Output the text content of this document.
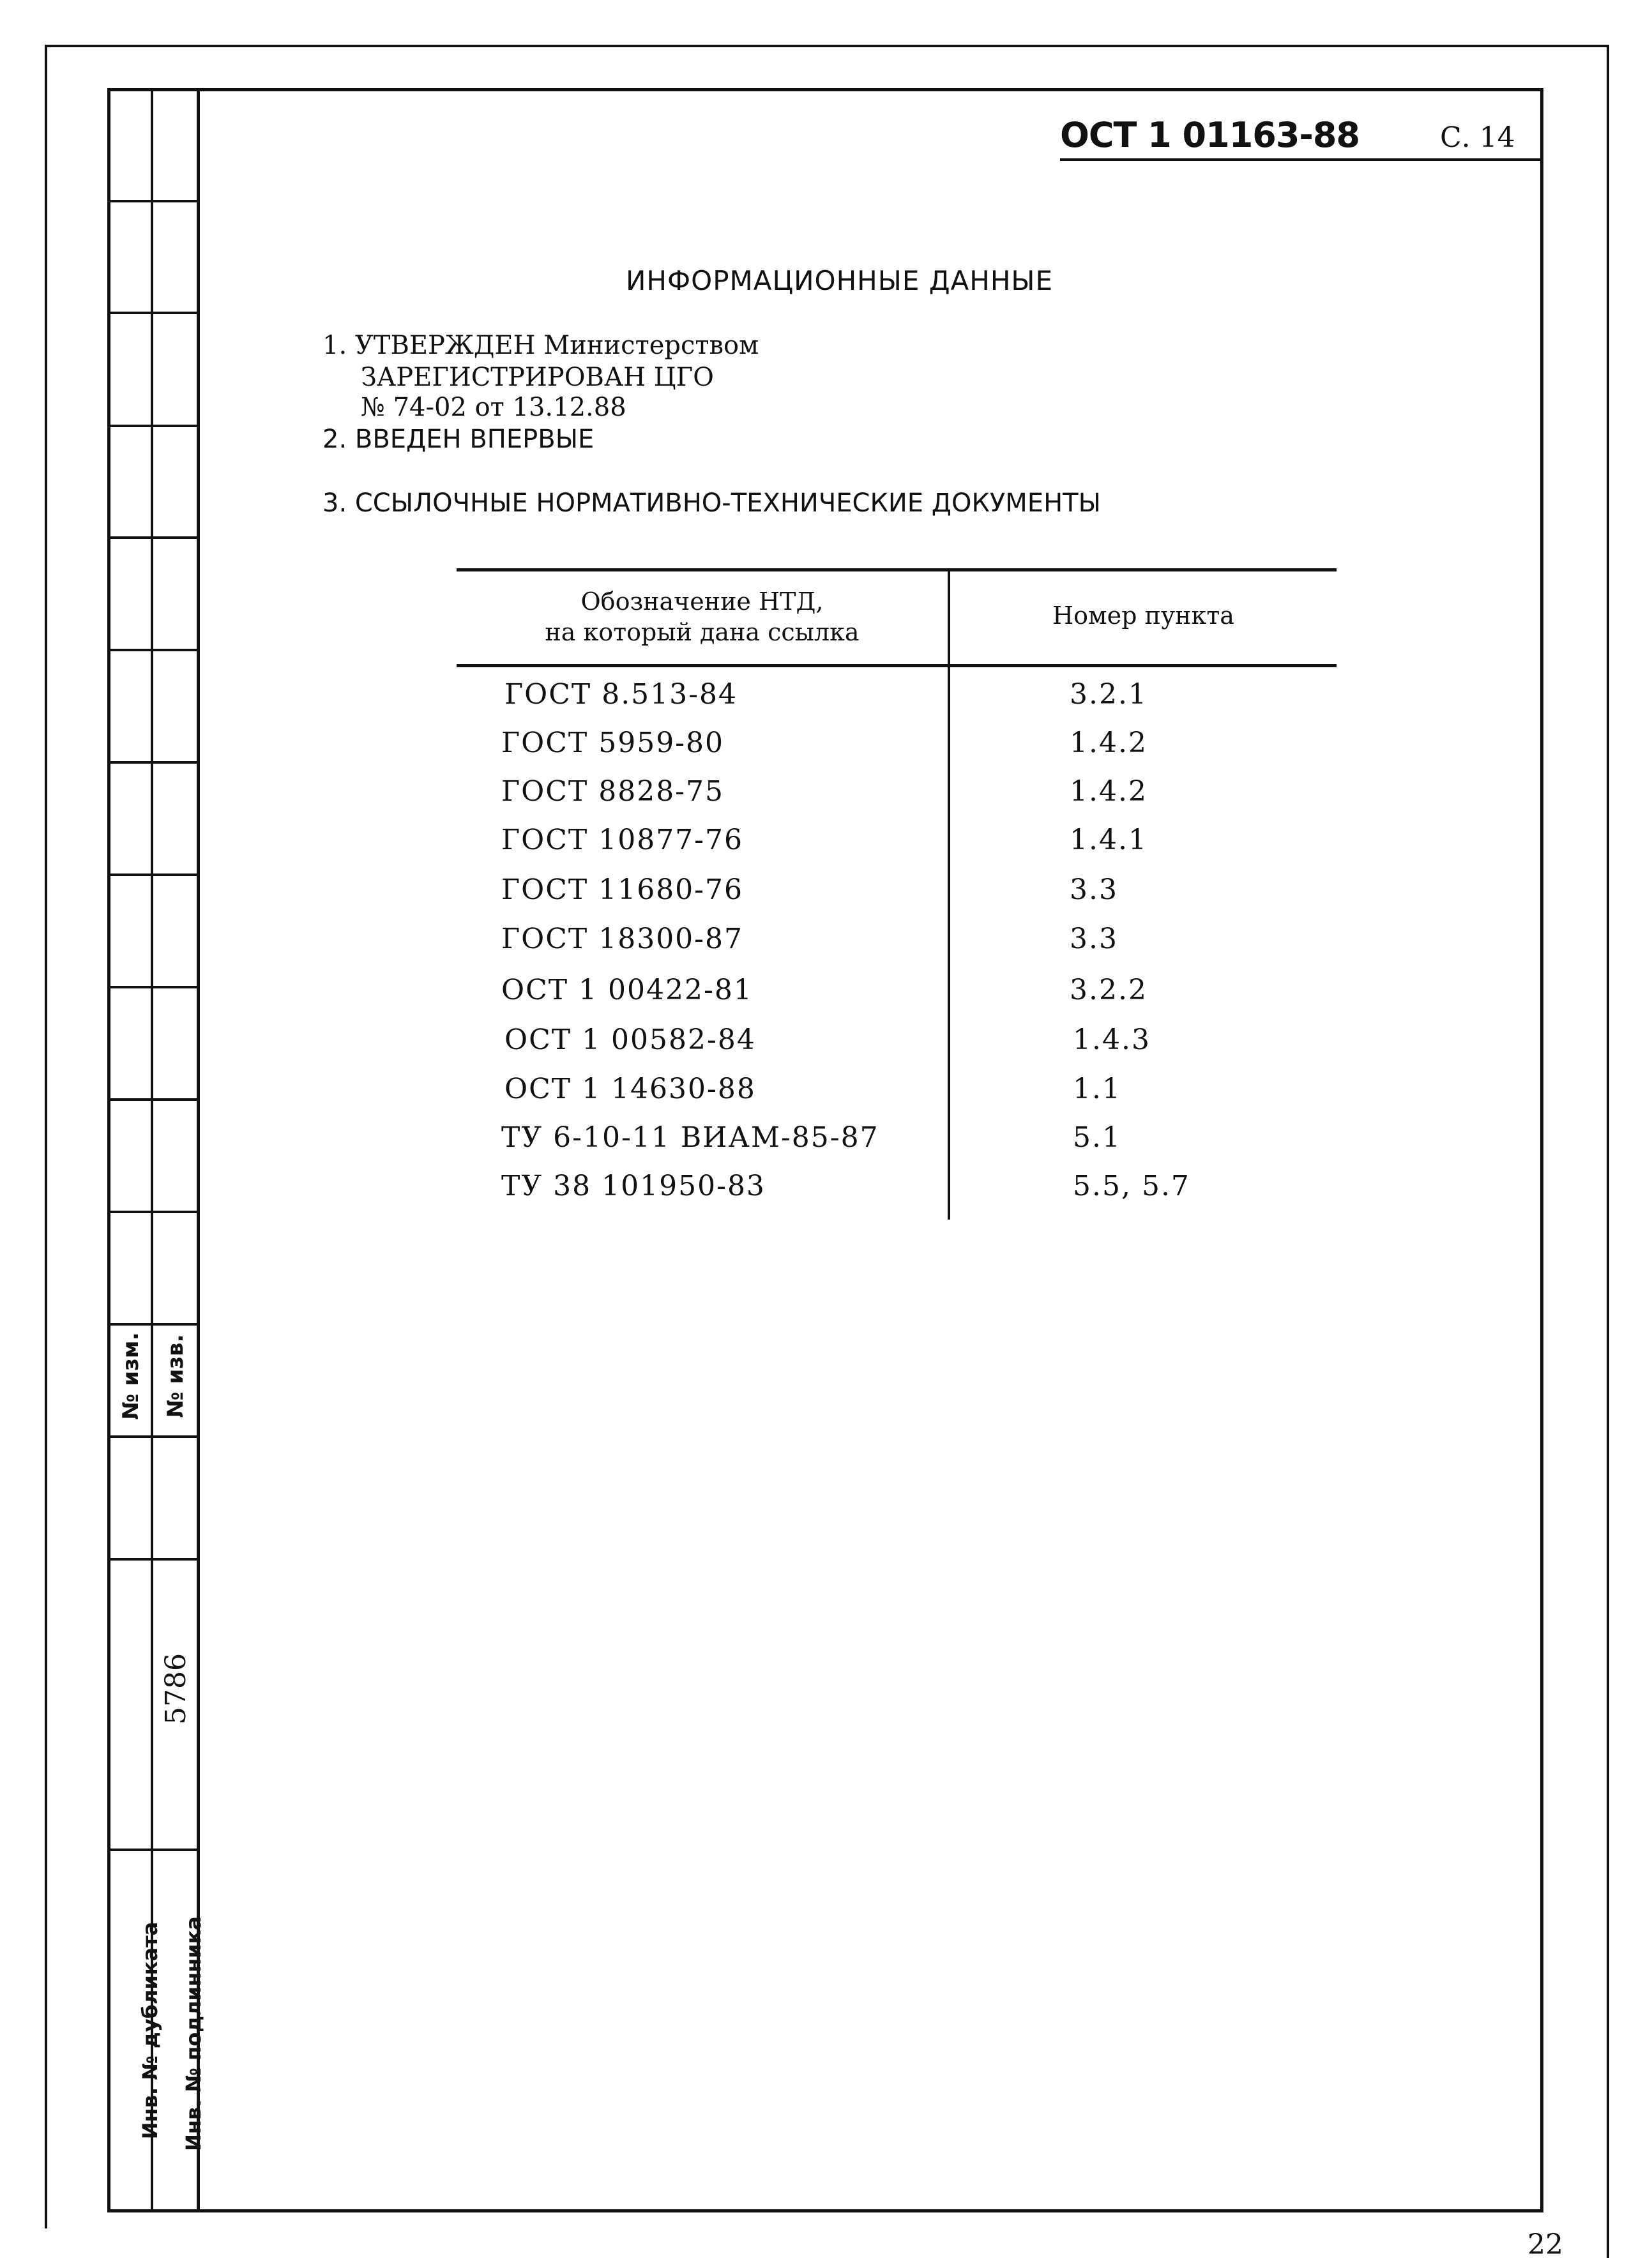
№ изм. № изв.
5786
Инв. № дубликата Инв. № подлинника
ОСТ 1 01163-88	С. 14
ИНФОРМАЦИОННЫЕ ДАННЫЕ
1. УТВЕРЖДЕН Министерством
ЗАРЕГИСТРИРОВАН ЦГО
№ 74-02 от 13.12.88
2. ВВЕДЕН ВПЕРВЫЕ
3. ССЫЛОЧНЫЕ НОРМАТИВНО-ТЕХНИЧЕСКИЕ ДОКУМЕНТЫ
Обозначение НТД,
на который дана ссылка
Номер пункта
ГОСТ 8.513-84	3.2.1
ГОСТ 5959-80	1.4.2
ГОСТ 8828-75	1.4.2
ГОСТ 10877-76	1.4.1
ГОСТ 11680-76	3.3
ГОСТ 18300-87	3.3
ОСТ 1 00422-81	3.2.2
ОСТ 1 00582-84	1.4.3
ОСТ 1 14630-88	1.1
ТУ 6-10-11 ВИАМ-85-87	5.1
ТУ 38 101950-83	5.5, 5.7
22
